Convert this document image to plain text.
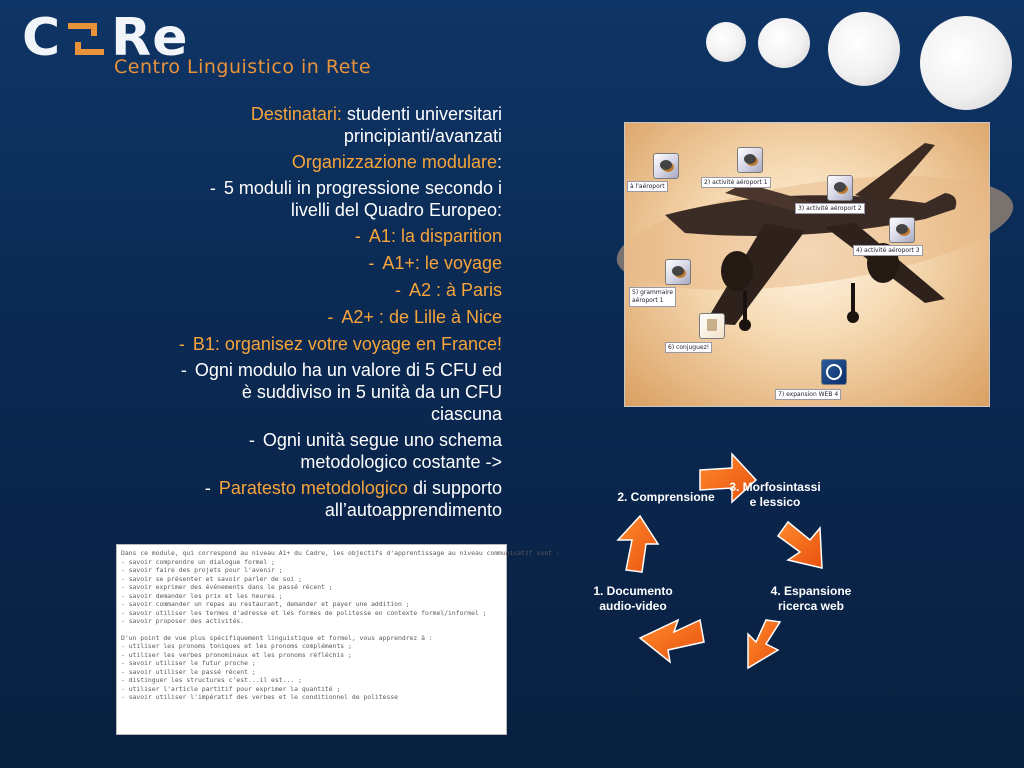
C Re
Centro Linguistico in Rete

Destinatari: studenti universitari

principianti/avanzati

Organizzazione modulare:

- 5 moduli in progressione secondo i

livelli del Quadro Europeo:

- A1: la disparition

- A1+: le voyage

- A2 : à Paris

- A2+ : de Lille à Nice

- B1: organisez votre voyage en France!

- Ogni modulo ha un valore di 5 CFU ed

è suddiviso in 5 unità da un CFU

ciascuna

- Ogni unità segue uno schema

metodologico costante ->

- Paratesto metodologico di supporto

all’autoapprendimento

à l'aéroport
2) activité aéroport 1
3) activité aéroport 2
4) activité aéroport 3
5) grammaire
aéroport 1
6) conjuguez!
7) expansion WEB 4
2. Comprensione
3. Morfosintassi
e lessico
4. Espansione
ricerca web
1. Documento
audio-video

Dans ce module, qui correspond au niveau A1+ du Cadre, les objectifs d'apprentissage au niveau communicatif sont :

- savoir comprendre un dialogue formel ;

- savoir faire des projets pour l'avenir ;

- savoir se présenter et savoir parler de soi ;

- savoir exprimer des événements dans le passé récent ;

- savoir demander les prix et les heures ;

- savoir commander un repas au restaurant, demander et payer une addition ;

- savoir utiliser les termes d'adresse et les formes de politesse en contexte formel/informel ;

- savoir proposer des activités.

D'un point de vue plus spécifiquement linguistique et formel, vous apprendrez à :

- utiliser les pronoms toniques et les pronoms compléments ;

- utiliser les verbes pronominaux et les pronoms réfléchis ;

- savoir utiliser le futur proche ;

- savoir utiliser le passé récent ;

- distinguer les structures c'est...il est... ;

- utiliser l'article partitif pour exprimer la quantité ;

- savoir utiliser l'impératif des verbes et le conditionnel de politesse
